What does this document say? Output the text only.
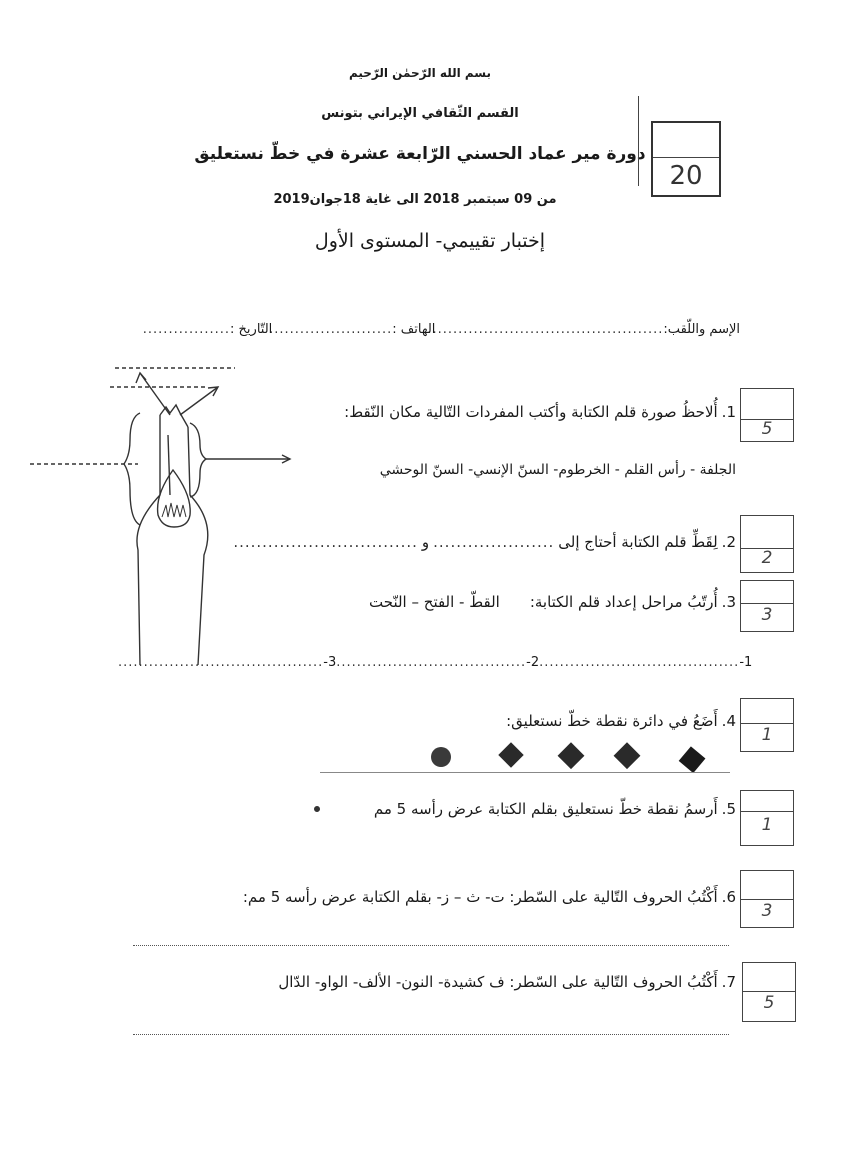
بسم الله الرّحمٰن الرّحيم
القسم الثّقافي الإيراني بتونس
دورة مير عماد الحسني الرّابعة عشرة في خطّ نستعليق
من 09 سبتمبر 2018 الى غاية 18جوان2019
إختبار تقييمي- المستوى الأول
20
الإسم واللّقب:
..............................................
الهاتف :
........................
التّاريخ :
.................
5
1.
أُلاحظُ صورة قلم الكتابة وأكتب المفردات التّالية مكان النّقط:
الجلفة - رأس القلم - الخرطوم- السنّ الإنسي- السنّ الوحشي
2
2.
لِقَطِّ قلم الكتابة أحتاج إلى
.....................
و
................................
3
3.
أُرتّبُ مراحل إعداد قلم الكتابة:
القطّ - الفتح – النّحت
........................................-3 .....................................-2 .......................................-1
1
4.
أَضَعُ في دائرة نقطة خطّ نستعليق:
1
5.
أَرسمُ نقطة خطّ نستعليق بقلم الكتابة عرض رأسه 5 مم
3
6.
أَكْتُبُ الحروف التّالية على السّطر: ت- ث – ز- بقلم الكتابة عرض رأسه 5 مم:
5
7.
أَكْتُبُ الحروف التّالية على السّطر: ف كشيدة- النون- الألف- الواو- الدّال
